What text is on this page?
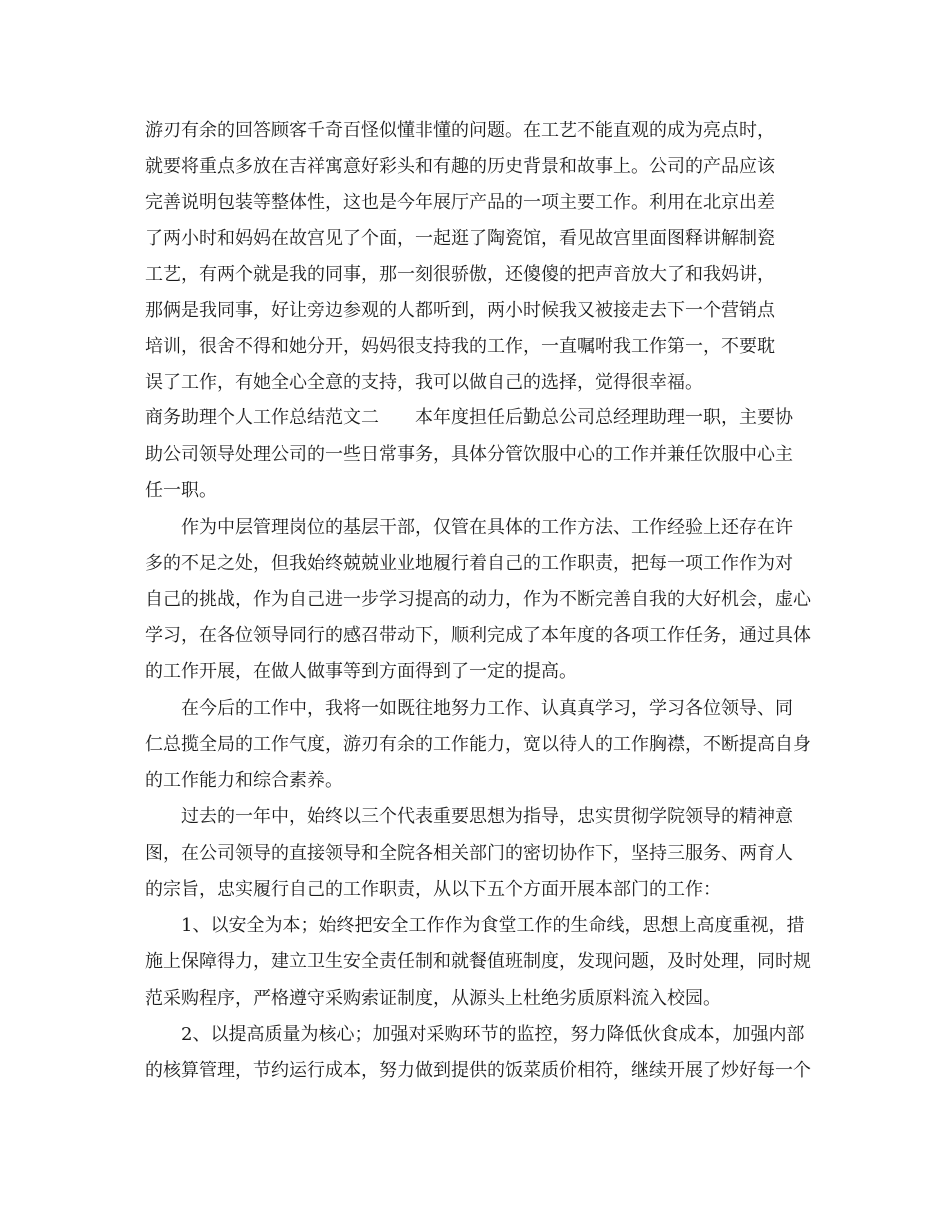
游刃有余的回答顾客千奇百怪似懂非懂的问题。在工艺不能直观的成为亮点时，
就要将重点多放在吉祥寓意好彩头和有趣的历史背景和故事上。公司的产品应该
完善说明包装等整体性，这也是今年展厅产品的一项主要工作。利用在北京出差
了两小时和妈妈在故宫见了个面，一起逛了陶瓷馆，看见故宫里面图释讲解制瓷
工艺，有两个就是我的同事，那一刻很骄傲，还傻傻的把声音放大了和我妈讲，
那俩是我同事，好让旁边参观的人都听到，两小时候我又被接走去下一个营销点
培训，很舍不得和她分开，妈妈很支持我的工作，一直嘱咐我工作第一，不要耽
误了工作，有她全心全意的支持，我可以做自己的选择，觉得很幸福。
商务助理个人工作总结范文二　　本年度担任后勤总公司总经理助理一职，主要协
助公司领导处理公司的一些日常事务，具体分管饮服中心的工作并兼任饮服中心主
任一职。
作为中层管理岗位的基层干部，仅管在具体的工作方法、工作经验上还存在许
多的不足之处，但我始终兢兢业业地履行着自己的工作职责，把每一项工作作为对
自己的挑战，作为自己进一步学习提高的动力，作为不断完善自我的大好机会，虚心
学习，在各位领导同行的感召带动下，顺利完成了本年度的各项工作任务，通过具体
的工作开展，在做人做事等到方面得到了一定的提高。
在今后的工作中，我将一如既往地努力工作、认真真学习，学习各位领导、同
仁总揽全局的工作气度，游刃有余的工作能力，宽以待人的工作胸襟，不断提高自身
的工作能力和综合素养。
过去的一年中，始终以三个代表重要思想为指导，忠实贯彻学院领导的精神意
图，在公司领导的直接领导和全院各相关部门的密切协作下，坚持三服务、两育人
的宗旨，忠实履行自己的工作职责，从以下五个方面开展本部门的工作：
1、以安全为本；始终把安全工作作为食堂工作的生命线，思想上高度重视，措
施上保障得力，建立卫生安全责任制和就餐值班制度，发现问题，及时处理，同时规
范采购程序，严格遵守采购索证制度，从源头上杜绝劣质原料流入校园。
2、以提高质量为核心；加强对采购环节的监控，努力降低伙食成本，加强内部
的核算管理，节约运行成本，努力做到提供的饭菜质价相符，继续开展了炒好每一个
